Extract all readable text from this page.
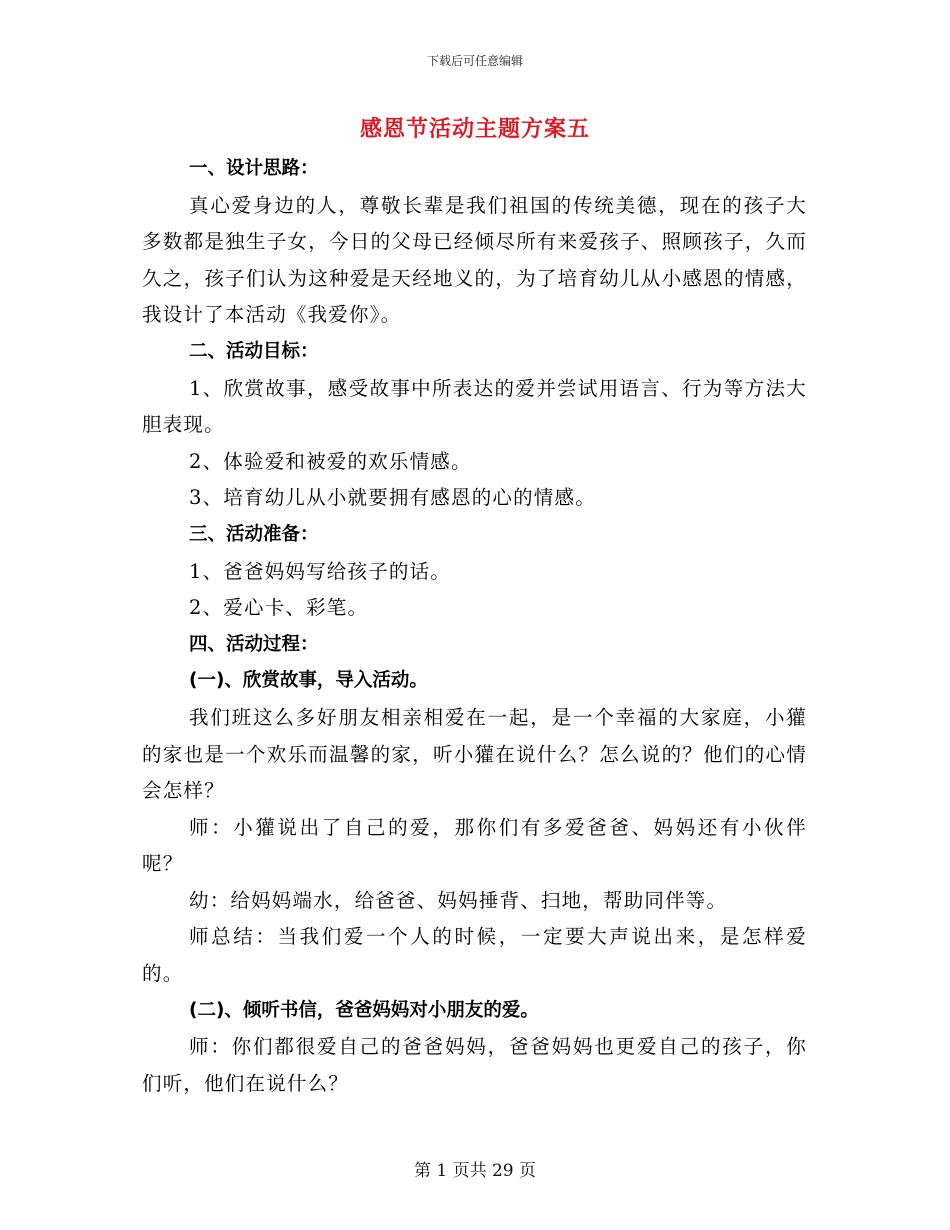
下载后可任意编辑
感恩节活动主题方案五

一、设计思路：

真心爱身边的人，尊敬长辈是我们祖国的传统美德，现在的孩子大多数都是独生子女，今日的父母已经倾尽所有来爱孩子、照顾孩子，久而久之，孩子们认为这种爱是天经地义的，为了培育幼儿从小感恩的情感，我设计了本活动《我爱你》。

二、活动目标：

1、欣赏故事，感受故事中所表达的爱并尝试用语言、行为等方法大胆表现。

2、体验爱和被爱的欢乐情感。

3、培育幼儿从小就要拥有感恩的心的情感。

三、活动准备：

1、爸爸妈妈写给孩子的话。

2、爱心卡、彩笔。

四、活动过程：

(一)、欣赏故事，导入活动。

我们班这么多好朋友相亲相爱在一起，是一个幸福的大家庭，小獾的家也是一个欢乐而温馨的家，听小獾在说什么？怎么说的？他们的心情会怎样？

师：小獾说出了自己的爱，那你们有多爱爸爸、妈妈还有小伙伴呢？

幼：给妈妈端水，给爸爸、妈妈捶背、扫地，帮助同伴等。

师总结：当我们爱一个人的时候，一定要大声说出来，是怎样爱的。

(二)、倾听书信，爸爸妈妈对小朋友的爱。

师：你们都很爱自己的爸爸妈妈，爸爸妈妈也更爱自己的孩子，你们听，他们在说什么？

第 1 页共 29 页
